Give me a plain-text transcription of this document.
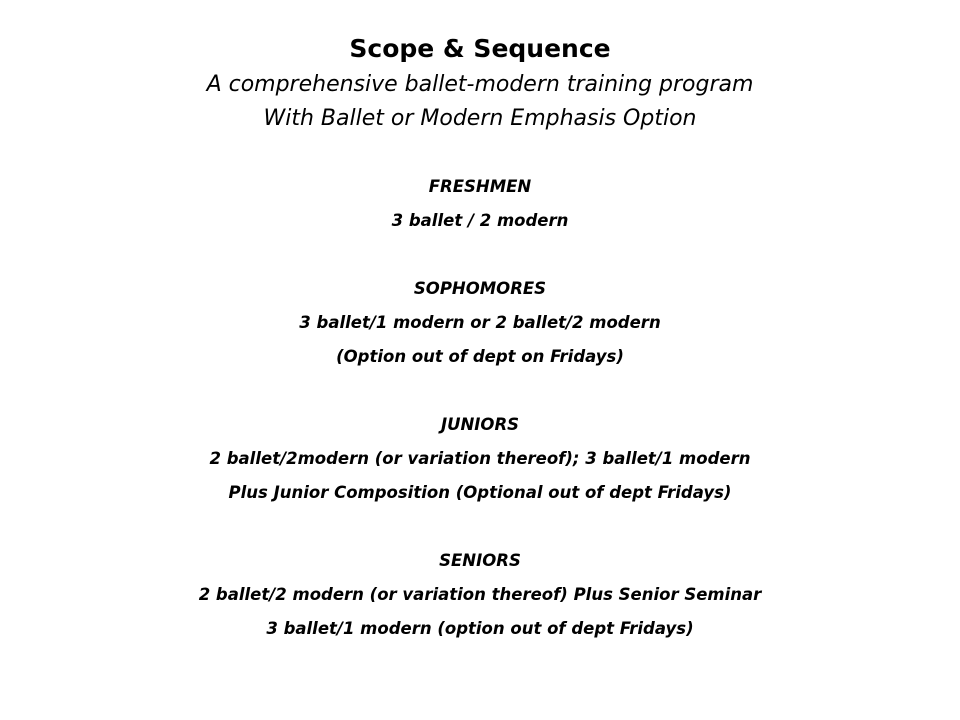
Scope & Sequence
A comprehensive ballet-modern training program
With Ballet or Modern Emphasis Option
FRESHMEN
3 ballet / 2 modern
SOPHOMORES
3 ballet/1 modern or 2 ballet/2 modern
(Option out of dept on Fridays)
JUNIORS
2 ballet/2modern (or variation thereof); 3 ballet/1 modern
Plus Junior Composition (Optional out of dept Fridays)
SENIORS
2 ballet/2 modern (or variation thereof) Plus Senior Seminar
3 ballet/1 modern (option out of dept Fridays)
